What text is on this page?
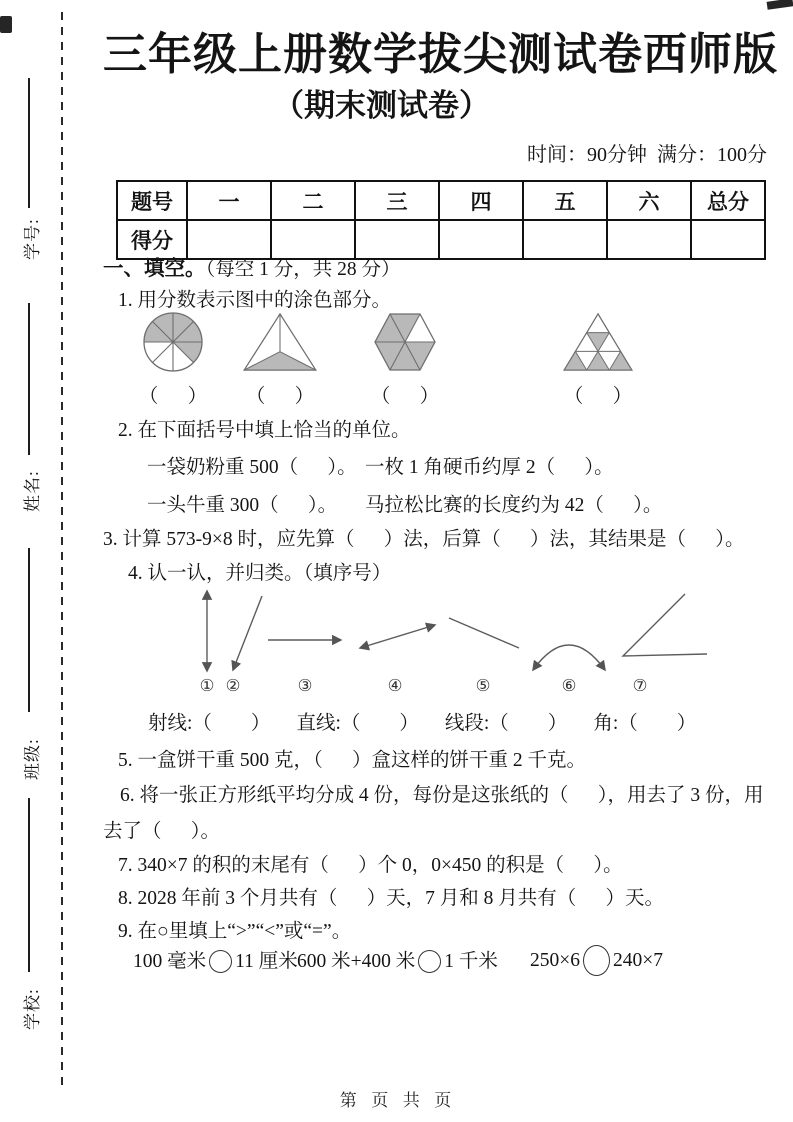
学号:
姓名:
班级:
学校:
三年级上册数学拔尖测试卷西师版
（期末测试卷）
时间：90分钟  满分：100分
题号	一	二	三	四	五	六	总分
得分							
一、填空。（每空 1 分，共 28 分）

1. 用分数表示图中的涂色部分。

（      ）	（      ）	（      ）	（      ）

2. 在下面括号中填上恰当的单位。

一袋奶粉重 500（      ）。 一枚 1 角硬币约厚 2（      ）。

一头牛重 300（      ）。 马拉松比赛的长度约为 42（      ）。

3. 计算 573-9×8 时，应先算（      ）法，后算（      ）法，其结果是（      ）。

4. 认一认，并归类。（填序号）

① ②	③	④	⑤	⑥	⑦
射线:（        ） 直线:（        ） 线段:（        ） 角:（        ）

5. 一盒饼干重 500 克，（      ）盒这样的饼干重 2 千克。

6. 将一张正方形纸平均分成 4 份，每份是这张纸的（      ），用去了 3 份，用

去了（      ）。

7. 340×7 的积的末尾有（      ）个 0，0×450 的积是（      ）。

8. 2028 年前 3 个月共有（      ）天，7 月和 8 月共有（      ）天。

9. 在○里填上“>”“<”或“=”。

100 毫米 11 厘米 600 米+400 米 1 千米 250×6 240×7
第  页  共  页
